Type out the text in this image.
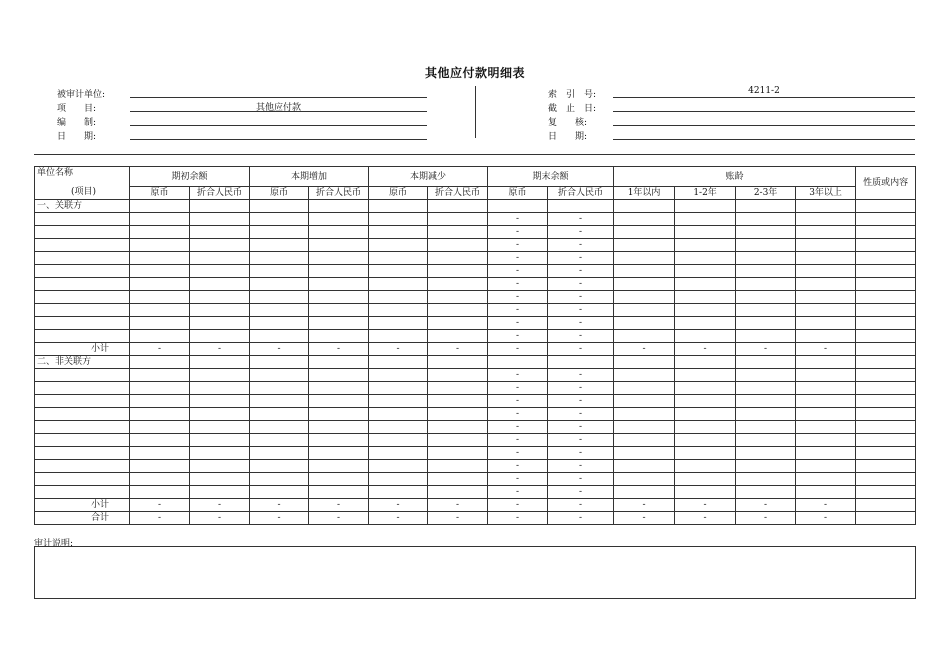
其他应付款明细表
被审计单位:
项　　目:	其他应付款
编　　制:
日　　期:
索　引　号:	4211-2
截　止　日:
复　　核:
日　　期:
单位名称
(项目)	期初余额		本期增加		本期减少		期末余额		账龄				性质或内容
	原币	折合人民币	原币	折合人民币	原币	折合人民币	原币	折合人民币	1年以内	1-2年	2-3年	3年以上	
一、关联方													
							-	-					
							-	-					
							-	-					
							-	-					
							-	-					
							-	-					
							-	-					
							-	-					
							-	-					
							-	-					
小计	-	-	-	-	-	-	-	-	-	-	-	-	
二、非关联方													
							-	-					
							-	-					
							-	-					
							-	-					
							-	-					
							-	-					
							-	-					
							-	-					
							-	-					
							-	-					
小计	-	-	-	-	-	-	-	-	-	-	-	-	
合计	-	-	-	-	-	-	-	-	-	-	-	-	
审计说明:
